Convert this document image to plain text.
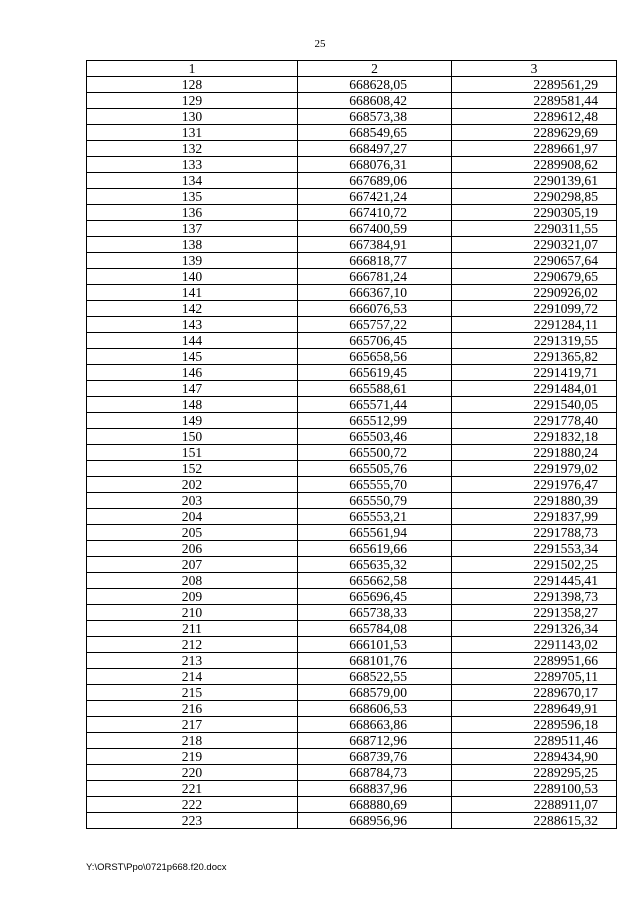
25
1	2	3
128	668628,05	2289561,29
129	668608,42	2289581,44
130	668573,38	2289612,48
131	668549,65	2289629,69
132	668497,27	2289661,97
133	668076,31	2289908,62
134	667689,06	2290139,61
135	667421,24	2290298,85
136	667410,72	2290305,19
137	667400,59	2290311,55
138	667384,91	2290321,07
139	666818,77	2290657,64
140	666781,24	2290679,65
141	666367,10	2290926,02
142	666076,53	2291099,72
143	665757,22	2291284,11
144	665706,45	2291319,55
145	665658,56	2291365,82
146	665619,45	2291419,71
147	665588,61	2291484,01
148	665571,44	2291540,05
149	665512,99	2291778,40
150	665503,46	2291832,18
151	665500,72	2291880,24
152	665505,76	2291979,02
202	665555,70	2291976,47
203	665550,79	2291880,39
204	665553,21	2291837,99
205	665561,94	2291788,73
206	665619,66	2291553,34
207	665635,32	2291502,25
208	665662,58	2291445,41
209	665696,45	2291398,73
210	665738,33	2291358,27
211	665784,08	2291326,34
212	666101,53	2291143,02
213	668101,76	2289951,66
214	668522,55	2289705,11
215	668579,00	2289670,17
216	668606,53	2289649,91
217	668663,86	2289596,18
218	668712,96	2289511,46
219	668739,76	2289434,90
220	668784,73	2289295,25
221	668837,96	2289100,53
222	668880,69	2288911,07
223	668956,96	2288615,32
Y:\ORST\Ppo\0721p668.f20.docx
